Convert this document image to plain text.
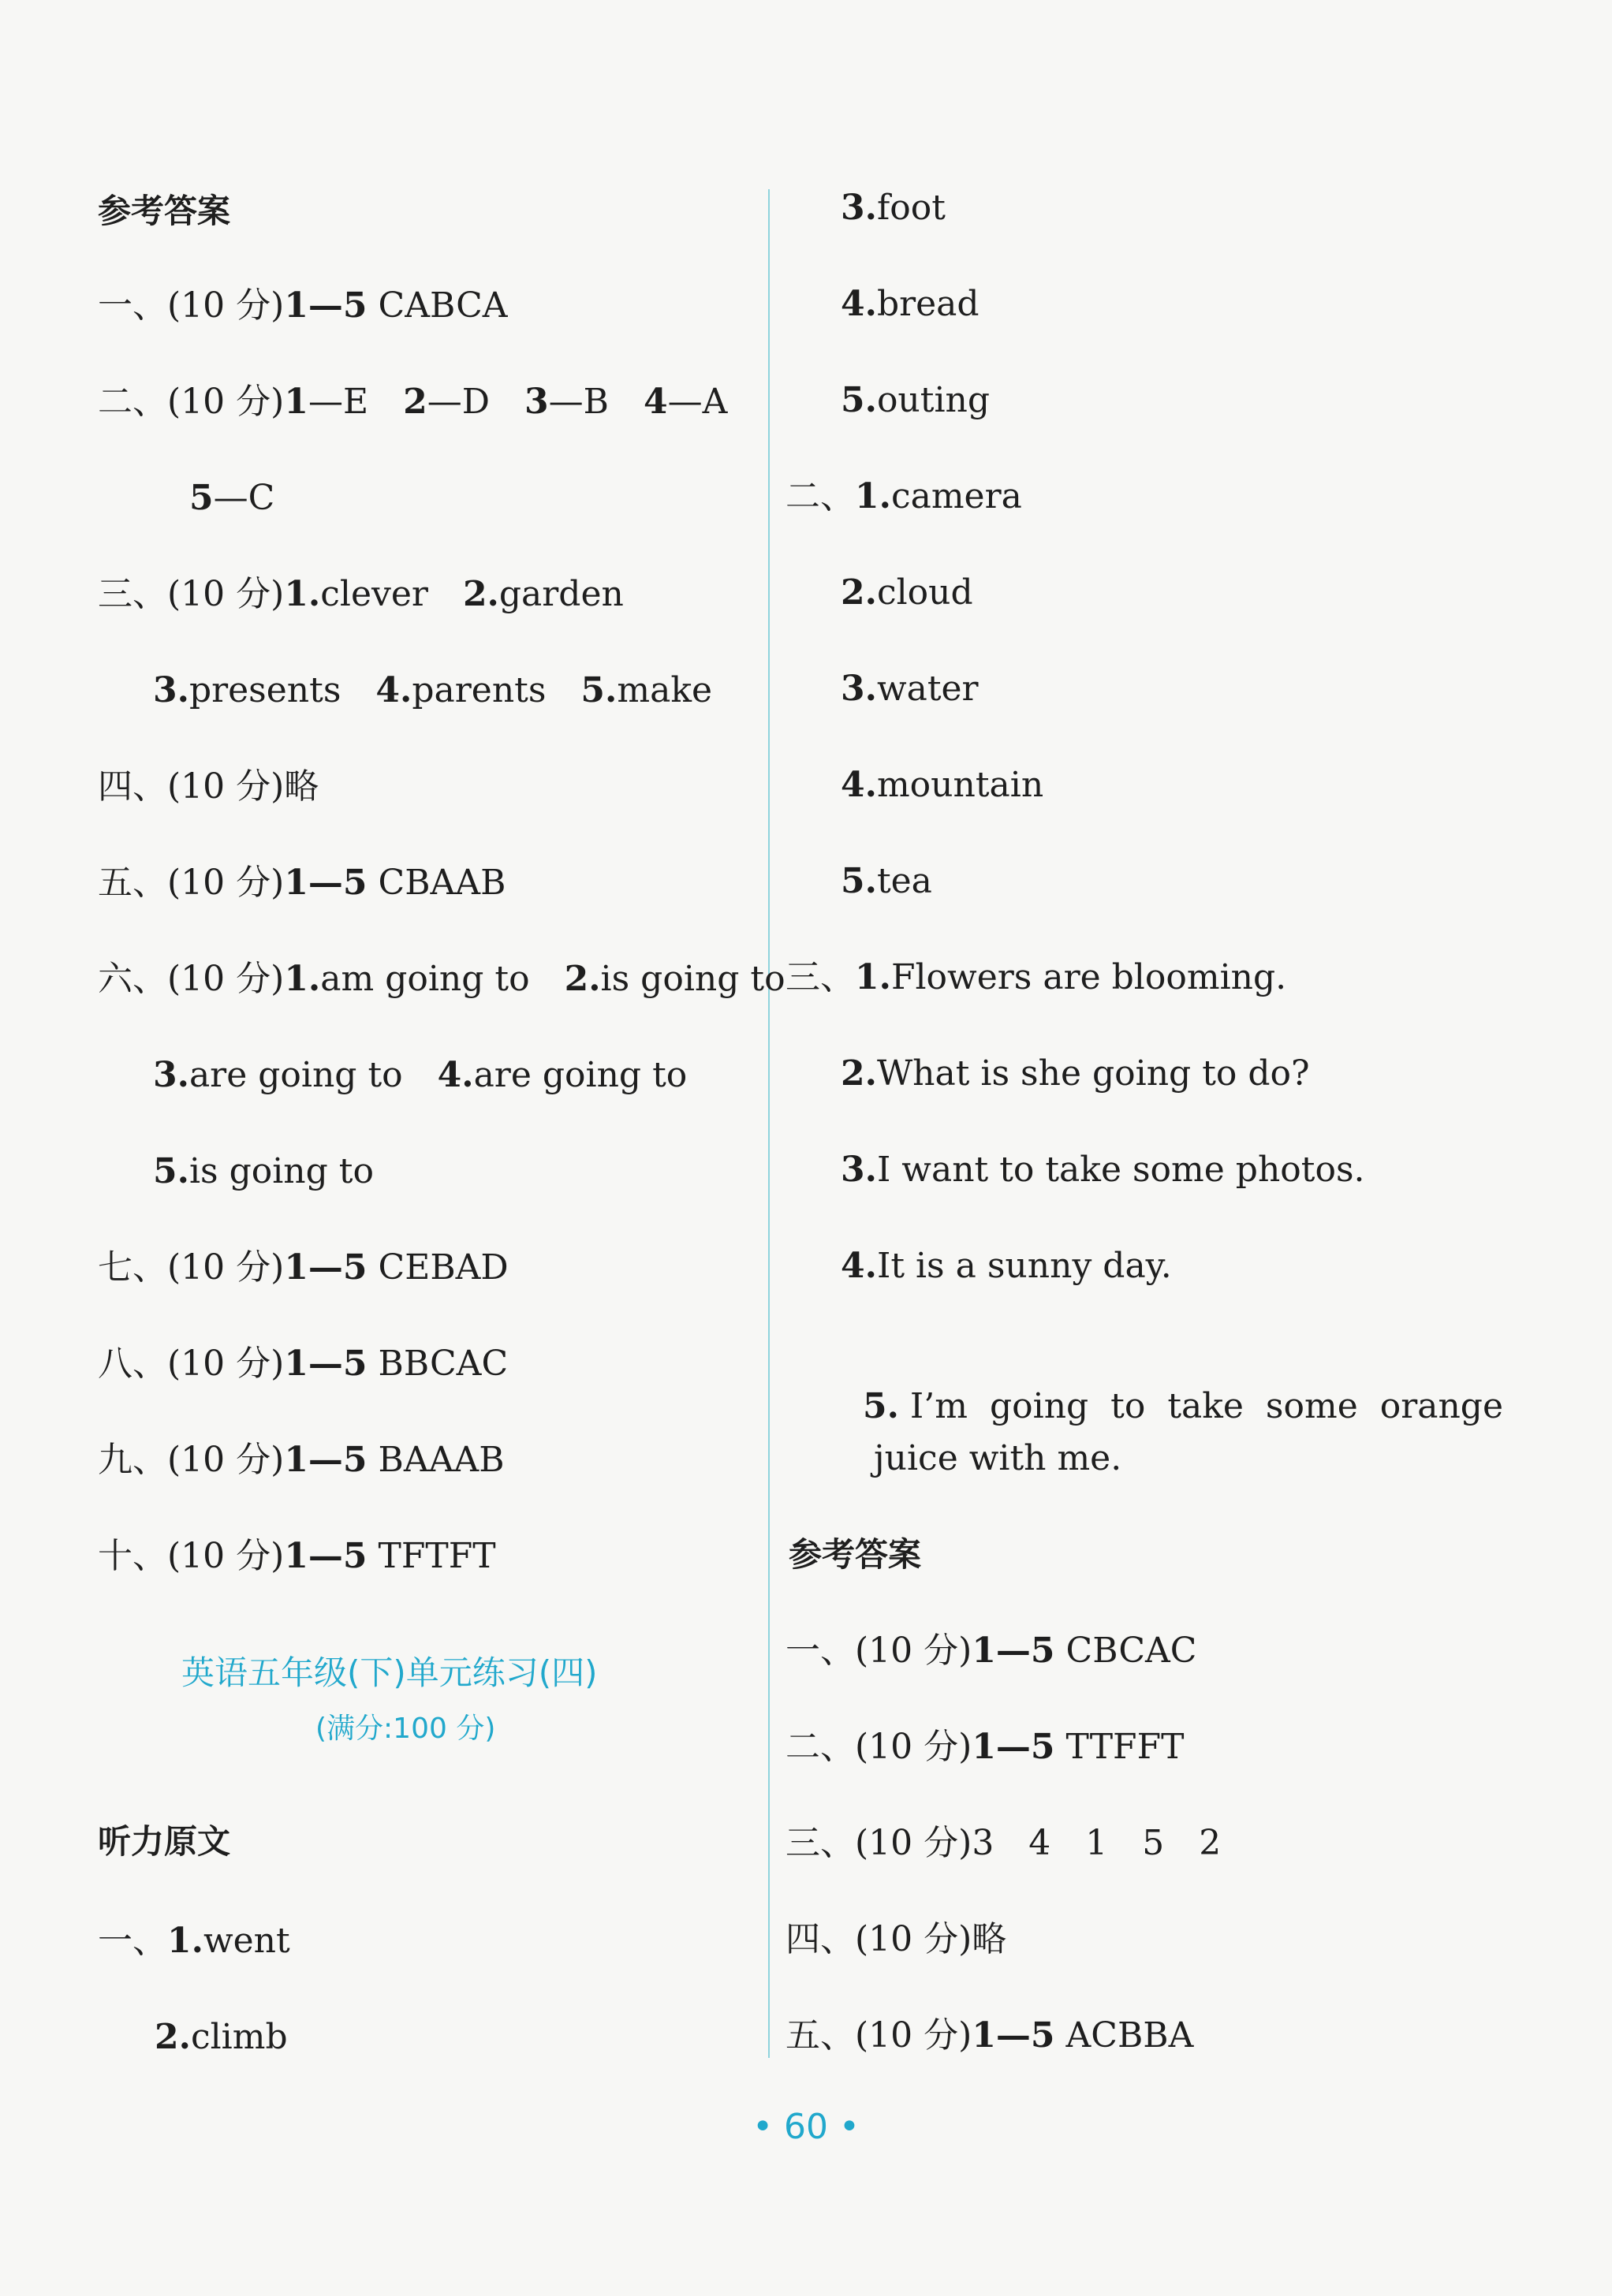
参考答案
一、(10 分)1—5 CABCA
二、(10 分)1—E 2—D 3—B 4—A
5—C
三、(10 分)1.clever 2.garden
3.presents 4.parents 5.make
四、(10 分)略
五、(10 分)1—5 CBAAB
六、(10 分)1.am going to 2.is going to
3.are going to 4.are going to
5.is going to
七、(10 分)1—5 CEBAD
八、(10 分)1—5 BBCAC
九、(10 分)1—5 BAAAB
十、(10 分)1—5 TFTFT
英语五年级(下)单元练习(四)
(满分:100 分)
听力原文
一、1.went
2.climb
3.foot
4.bread
5.outing
二、1.camera
2.cloud
3.water
4.mountain
5.tea
三、1.Flowers are blooming.
2.What is she going to do?
3.I want to take some photos.
4.It is a sunny day.

5. I’m  going  to  take  some  orange

juice with me.
参考答案
一、(10 分)1—5 CBCAC
二、(10 分)1—5 TTFFT
三、(10 分)3　4　1　5　2
四、(10 分)略
五、(10 分)1—5 ACBBA
• 60 •
